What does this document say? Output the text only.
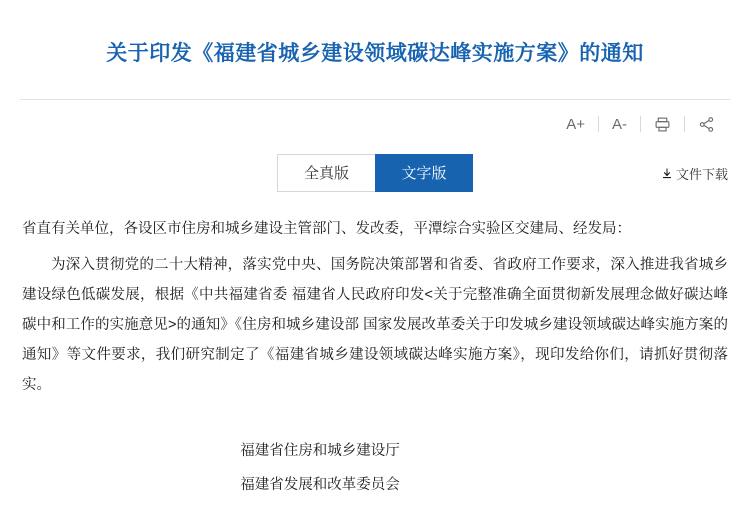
关于印发《福建省城乡建设领域碳达峰实施方案》的通知
A+	A-
全真版	文字版	文件下载

省直有关单位，各设区市住房和城乡建设主管部门、发改委，平潭综合实验区交建局、经发局：

为深入贯彻党的二十大精神，落实党中央、国务院决策部署和省委、省政府工作要求，深入推进我省城乡建设绿色低碳发展，根据《中共福建省委 福建省人民政府印发<关于完整准确全面贯彻新发展理念做好碳达峰碳中和工作的实施意见>的通知》《住房和城乡建设部 国家发展改革委关于印发城乡建设领域碳达峰实施方案的通知》等文件要求，我们研究制定了《福建省城乡建设领域碳达峰实施方案》，现印发给你们，请抓好贯彻落实。

福建省住房和城乡建设厅
福建省发展和改革委员会
